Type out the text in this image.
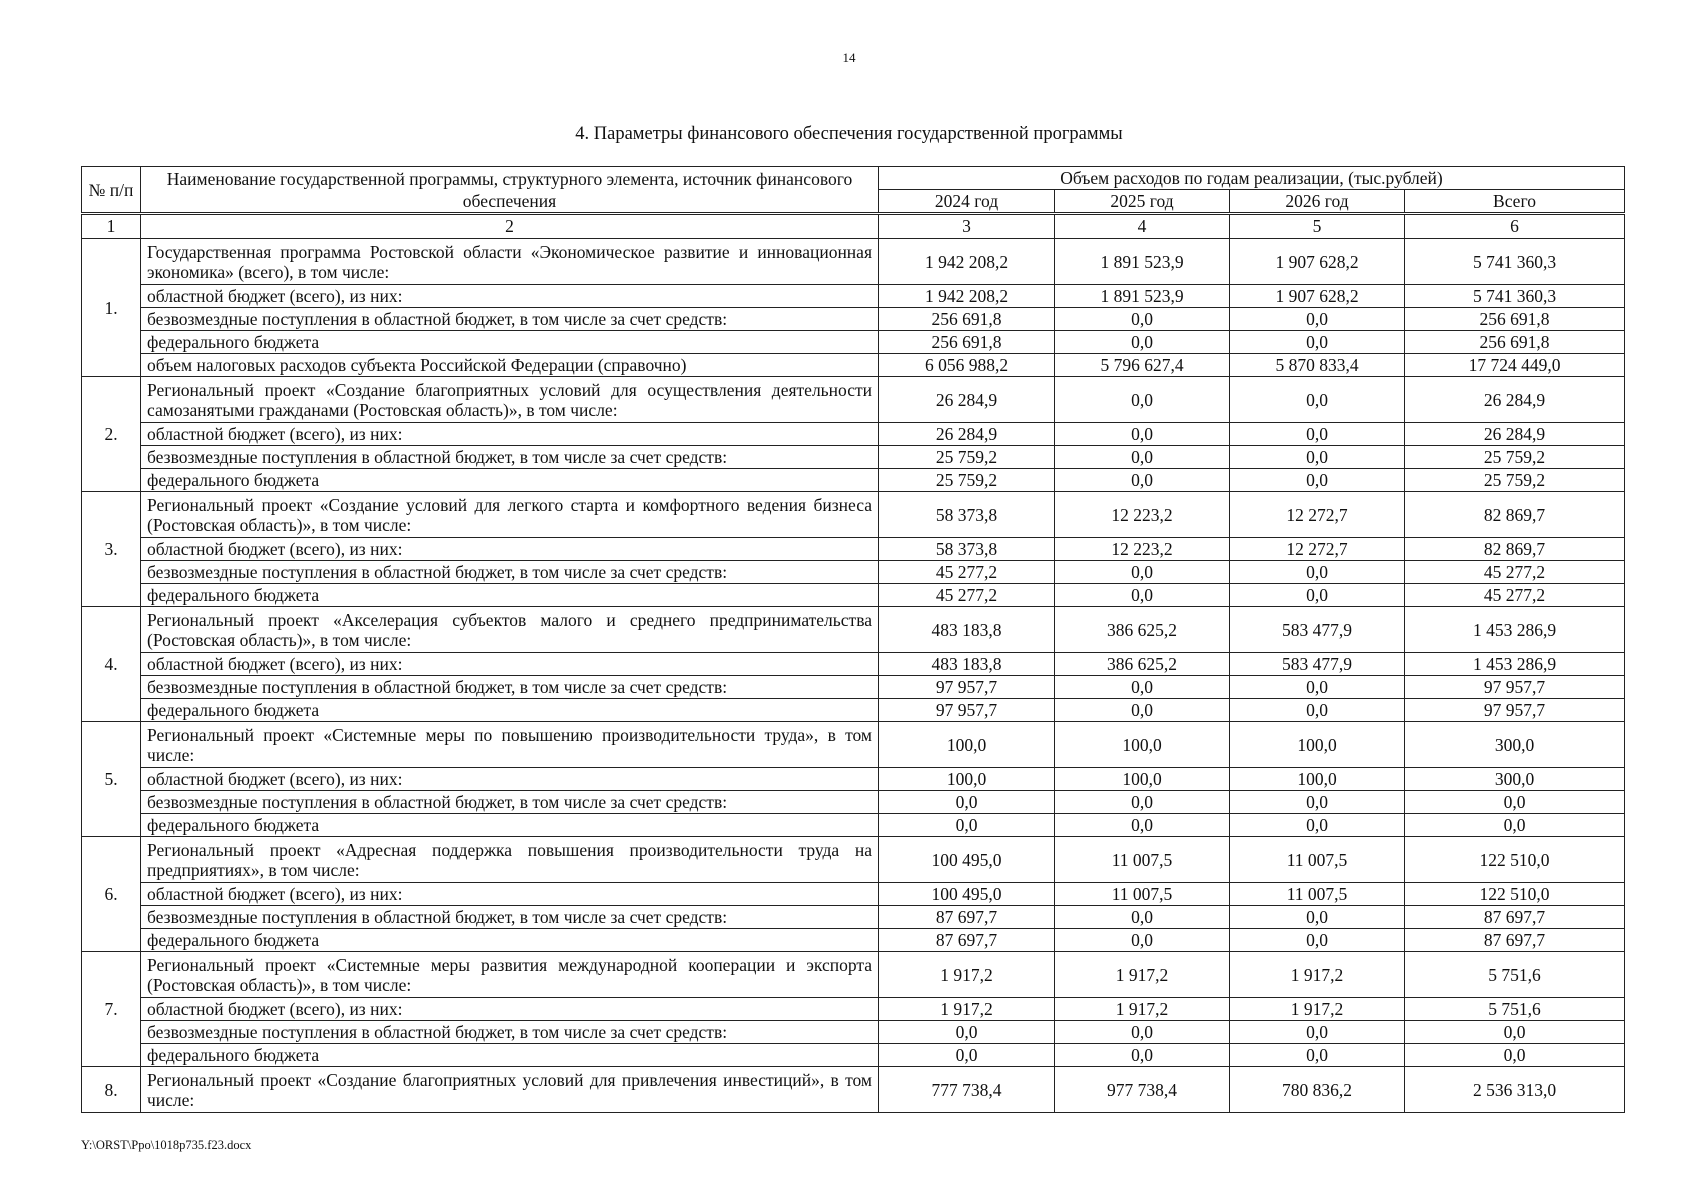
14
4. Параметры финансового обеспечения государственной программы
№ п/п	Наименование государственной программы, структурного элемента, источник финансового обеспечения	Объем расходов по годам реализации, (тыс.рублей)			
		2024 год	2025 год	2026 год	Всего
1	2	3	4	5	6
1.	Государственная программа Ростовской области «Экономическое развитие и инновационная экономика» (всего), в том числе:	1 942 208,2	1 891 523,9	1 907 628,2	5 741 360,3
	областной бюджет (всего), из них:	1 942 208,2	1 891 523,9	1 907 628,2	5 741 360,3
	безвозмездные поступления в областной бюджет, в том числе за счет средств:	256 691,8	0,0	0,0	256 691,8
	федерального бюджета	256 691,8	0,0	0,0	256 691,8
	объем налоговых расходов субъекта Российской Федерации (справочно)	6 056 988,2	5 796 627,4	5 870 833,4	17 724 449,0
2.	Региональный проект «Создание благоприятных условий для осуществления деятельности самозанятыми гражданами (Ростовская область)», в том числе:	26 284,9	0,0	0,0	26 284,9
	областной бюджет (всего), из них:	26 284,9	0,0	0,0	26 284,9
	безвозмездные поступления в областной бюджет, в том числе за счет средств:	25 759,2	0,0	0,0	25 759,2
	федерального бюджета	25 759,2	0,0	0,0	25 759,2
3.	Региональный проект «Создание условий для легкого старта и комфортного ведения бизнеса (Ростовская область)», в том числе:	58 373,8	12 223,2	12 272,7	82 869,7
	областной бюджет (всего), из них:	58 373,8	12 223,2	12 272,7	82 869,7
	безвозмездные поступления в областной бюджет, в том числе за счет средств:	45 277,2	0,0	0,0	45 277,2
	федерального бюджета	45 277,2	0,0	0,0	45 277,2
4.	Региональный проект «Акселерация субъектов малого и среднего предпринимательства (Ростовская область)», в том числе:	483 183,8	386 625,2	583 477,9	1 453 286,9
	областной бюджет (всего), из них:	483 183,8	386 625,2	583 477,9	1 453 286,9
	безвозмездные поступления в областной бюджет, в том числе за счет средств:	97 957,7	0,0	0,0	97 957,7
	федерального бюджета	97 957,7	0,0	0,0	97 957,7
5.	Региональный проект «Системные меры по повышению производительности труда», в том числе:	100,0	100,0	100,0	300,0
	областной бюджет (всего), из них:	100,0	100,0	100,0	300,0
	безвозмездные поступления в областной бюджет, в том числе за счет средств:	0,0	0,0	0,0	0,0
	федерального бюджета	0,0	0,0	0,0	0,0
6.	Региональный проект «Адресная поддержка повышения производительности труда на предприятиях», в том числе:	100 495,0	11 007,5	11 007,5	122 510,0
	областной бюджет (всего), из них:	100 495,0	11 007,5	11 007,5	122 510,0
	безвозмездные поступления в областной бюджет, в том числе за счет средств:	87 697,7	0,0	0,0	87 697,7
	федерального бюджета	87 697,7	0,0	0,0	87 697,7
7.	Региональный проект «Системные меры развития международной кооперации и экспорта (Ростовская область)», в том числе:	1 917,2	1 917,2	1 917,2	5 751,6
	областной бюджет (всего), из них:	1 917,2	1 917,2	1 917,2	5 751,6
	безвозмездные поступления в областной бюджет, в том числе за счет средств:	0,0	0,0	0,0	0,0
	федерального бюджета	0,0	0,0	0,0	0,0
8.	Региональный проект «Создание благоприятных условий для привлечения инвестиций», в том числе:	777 738,4	977 738,4	780 836,2	2 536 313,0
Y:\ORST\Ppo\1018p735.f23.docx
